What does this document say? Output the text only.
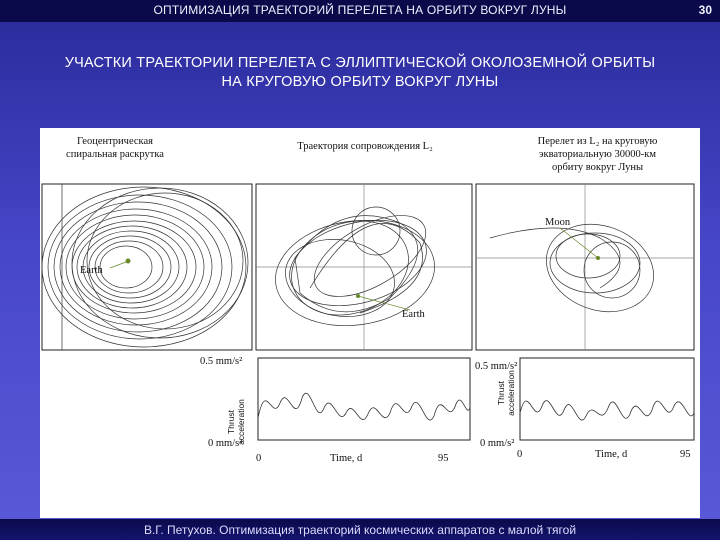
ОПТИМИЗАЦИЯ ТРАЕКТОРИЙ ПЕРЕЛЕТА НА ОРБИТУ ВОКРУГ ЛУНЫ	30
УЧАСТКИ ТРАЕКТОРИИ ПЕРЕЛЕТА С ЭЛЛИПТИЧЕСКОЙ ОКОЛОЗЕМНОЙ ОРБИТЫ
НА КРУГОВУЮ ОРБИТУ ВОКРУГ ЛУНЫ
Геоцентрическая
спиральная раскрутка
Траектория сопровождения L₂	Перелет из L₂ на круговую
экваториальную 30000-км
орбиту вокруг Луны
Moon
Earth
Earth
0.5 mm/s²
0 mm/s²
0	Time, d	95
Thrust acceleration
0.5 mm/s²
0 mm/s²
0	Time, d	95
Thrust acceleration
В.Г. Петухов. Оптимизация траекторий космических аппаратов с малой тягой
